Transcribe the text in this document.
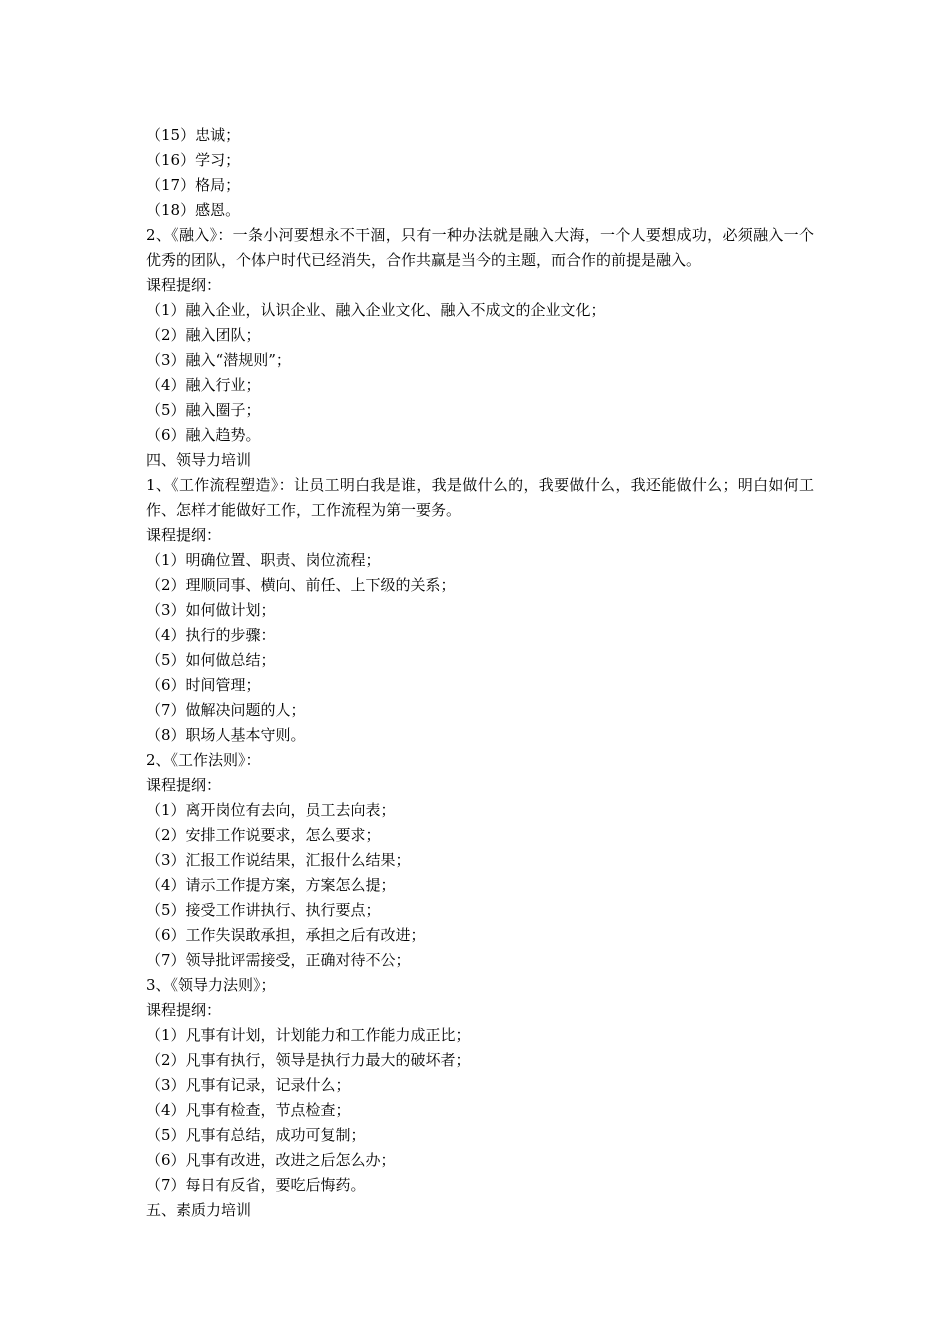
（15）忠诚；
（16）学习；
（17）格局；
（18）感恩。
2、《融入》：一条小河要想永不干涸，只有一种办法就是融入大海，一个人要想成功，必须融入一个优秀的团队，个体户时代已经消失，合作共赢是当今的主题，而合作的前提是融入。
课程提纲：
（1）融入企业，认识企业、融入企业文化、融入不成文的企业文化；
（2）融入团队；
（3）融入“潜规则”；
（4）融入行业；
（5）融入圈子；
（6）融入趋势。
四、领导力培训
1、《工作流程塑造》：让员工明白我是谁，我是做什么的，我要做什么，我还能做什么；明白如何工作、怎样才能做好工作，工作流程为第一要务。
课程提纲：
（1）明确位置、职责、岗位流程；
（2）理顺同事、横向、前任、上下级的关系；
（3）如何做计划；
（4）执行的步骤：
（5）如何做总结；
（6）时间管理；
（7）做解决问题的人；
（8）职场人基本守则。
2、《工作法则》：
课程提纲：
（1）离开岗位有去向，员工去向表；
（2）安排工作说要求，怎么要求；
（3）汇报工作说结果，汇报什么结果；
（4）请示工作提方案，方案怎么提；
（5）接受工作讲执行、执行要点；
（6）工作失误敢承担，承担之后有改进；
（7）领导批评需接受，正确对待不公；
3、《领导力法则》；
课程提纲：
（1）凡事有计划，计划能力和工作能力成正比；
（2）凡事有执行，领导是执行力最大的破坏者；
（3）凡事有记录，记录什么；
（4）凡事有检查，节点检查；
（5）凡事有总结，成功可复制；
（6）凡事有改进，改进之后怎么办；
（7）每日有反省，要吃后悔药。
五、素质力培训
